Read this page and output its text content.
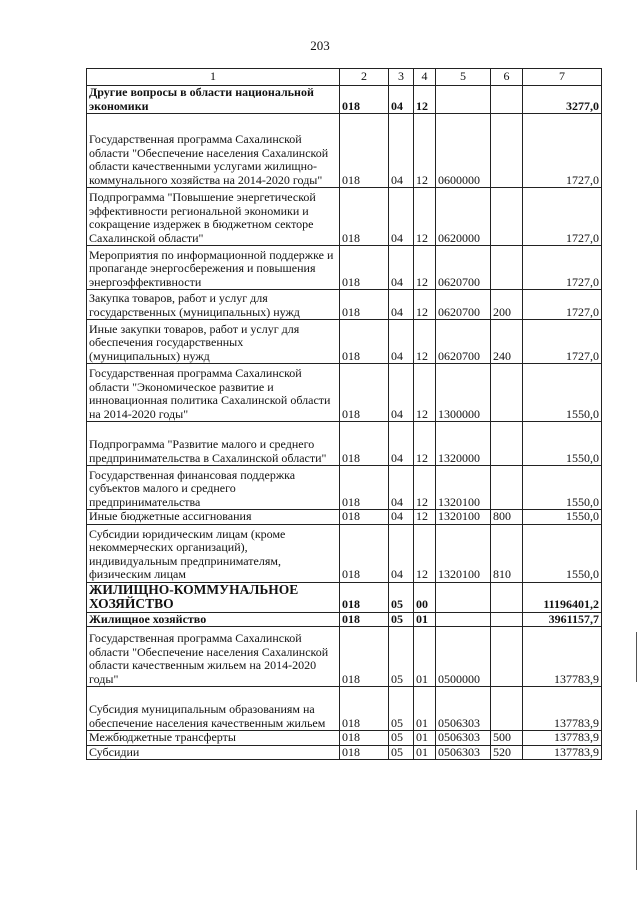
203
1	2	3	4	5	6	7
Другие вопросы в области национальной экономики	018	04	12			3277,0
Государственная программа Сахалинской области "Обеспечение населения Сахалинской области качественными услугами жилищно-коммунального хозяйства на 2014-2020 годы"	018	04	12	0600000		1727,0
Подпрограмма "Повышение энергетической эффективности региональной экономики и сокращение издержек в бюджетном секторе Сахалинской области"	018	04	12	0620000		1727,0
Мероприятия по информационной поддержке и пропаганде энергосбережения и повышения энергоэффективности	018	04	12	0620700		1727,0
Закупка товаров, работ и услуг для государственных (муниципальных) нужд	018	04	12	0620700	200	1727,0
Иные закупки товаров, работ и услуг для обеспечения государственных (муниципальных) нужд	018	04	12	0620700	240	1727,0
Государственная программа Сахалинской области "Экономическое развитие и инновационная политика Сахалинской области на 2014-2020 годы"	018	04	12	1300000		1550,0
Подпрограмма "Развитие малого и среднего предпринимательства в Сахалинской области"	018	04	12	1320000		1550,0
Государственная финансовая поддержка субъектов малого и среднего предпринимательства	018	04	12	1320100		1550,0
Иные бюджетные ассигнования	018	04	12	1320100	800	1550,0
Субсидии юридическим лицам (кроме некоммерческих организаций), индивидуальным предпринимателям, физическим лицам	018	04	12	1320100	810	1550,0
ЖИЛИЩНО-КОММУНАЛЬНОЕ ХОЗЯЙСТВО	018	05	00			11196401,2
Жилищное хозяйство	018	05	01			3961157,7
Государственная программа Сахалинской области "Обеспечение населения Сахалинской области качественным жильем на 2014-2020 годы"	018	05	01	0500000		137783,9
Субсидия муниципальным образованиям на обеспечение населения качественным жильем	018	05	01	0506303		137783,9
Межбюджетные трансферты	018	05	01	0506303	500	137783,9
Субсидии	018	05	01	0506303	520	137783,9
